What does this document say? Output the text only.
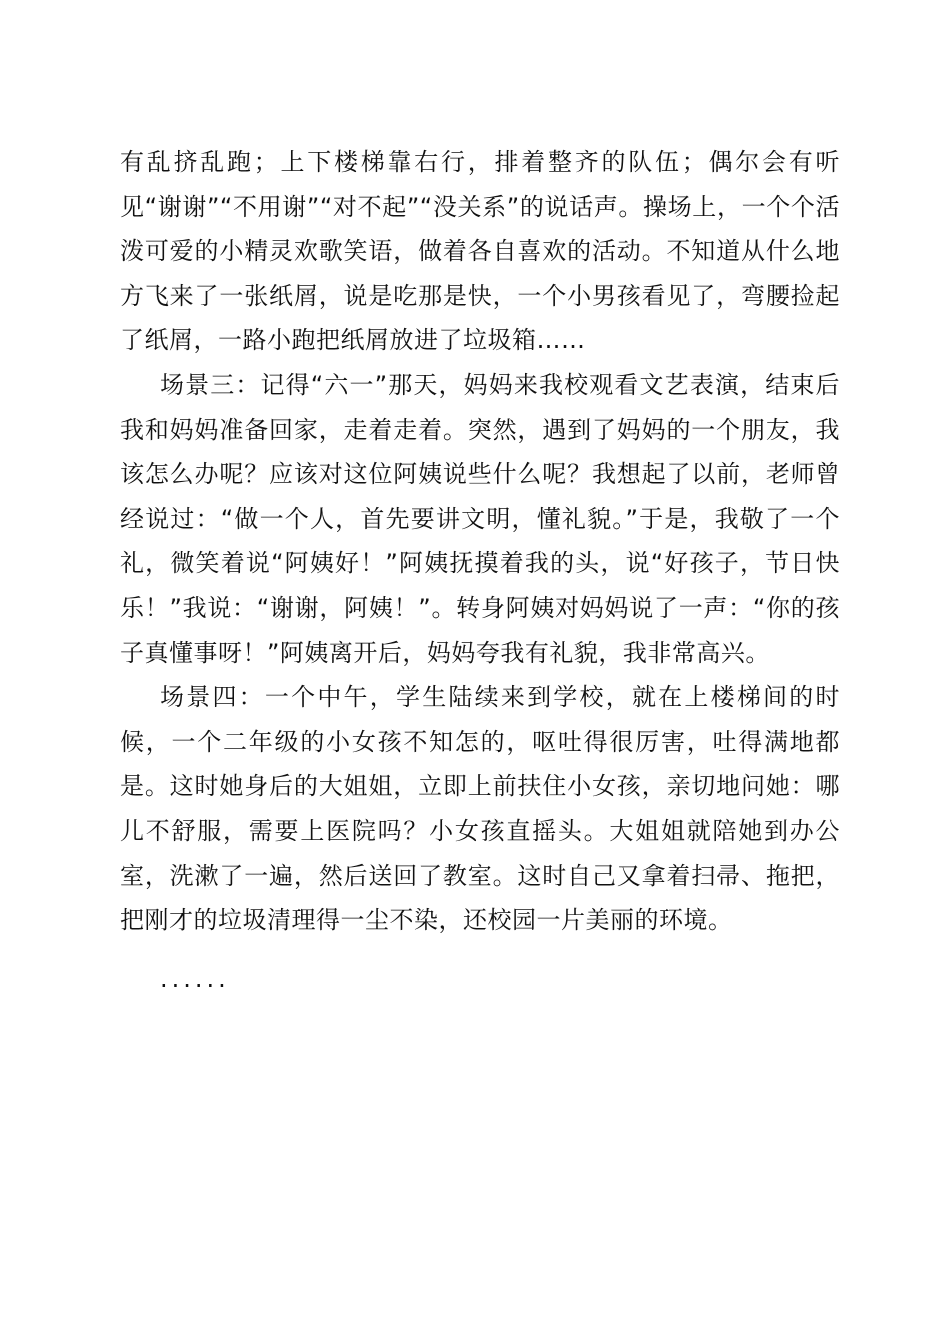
有乱挤乱跑；上下楼梯靠右行，排着整齐的队伍；偶尔会有听见“谢谢”“不用谢”“对不起”“没关系”的说话声。操场上，一个个活泼可爱的小精灵欢歌笑语，做着各自喜欢的活动。不知道从什么地方飞来了一张纸屑，说是吃那是快，一个小男孩看见了，弯腰捡起了纸屑，一路小跑把纸屑放进了垃圾箱……

场景三：记得“六一”那天，妈妈来我校观看文艺表演，结束后我和妈妈准备回家，走着走着。突然，遇到了妈妈的一个朋友，我该怎么办呢？应该对这位阿姨说些什么呢？我想起了以前，老师曾经说过：“做一个人，首先要讲文明，懂礼貌。”于是，我敬了一个礼，微笑着说“阿姨好！”阿姨抚摸着我的头，说“好孩子，节日快乐！”我说：“谢谢，阿姨！”。转身阿姨对妈妈说了一声：“你的孩子真懂事呀！”阿姨离开后，妈妈夸我有礼貌，我非常高兴。

场景四：一个中午，学生陆续来到学校，就在上楼梯间的时候，一个二年级的小女孩不知怎的，呕吐得很厉害，吐得满地都是。这时她身后的大姐姐，立即上前扶住小女孩，亲切地问她：哪儿不舒服，需要上医院吗？小女孩直摇头。大姐姐就陪她到办公室，洗漱了一遍，然后送回了教室。这时自己又拿着扫帚、拖把，把刚才的垃圾清理得一尘不染，还校园一片美丽的环境。

......
